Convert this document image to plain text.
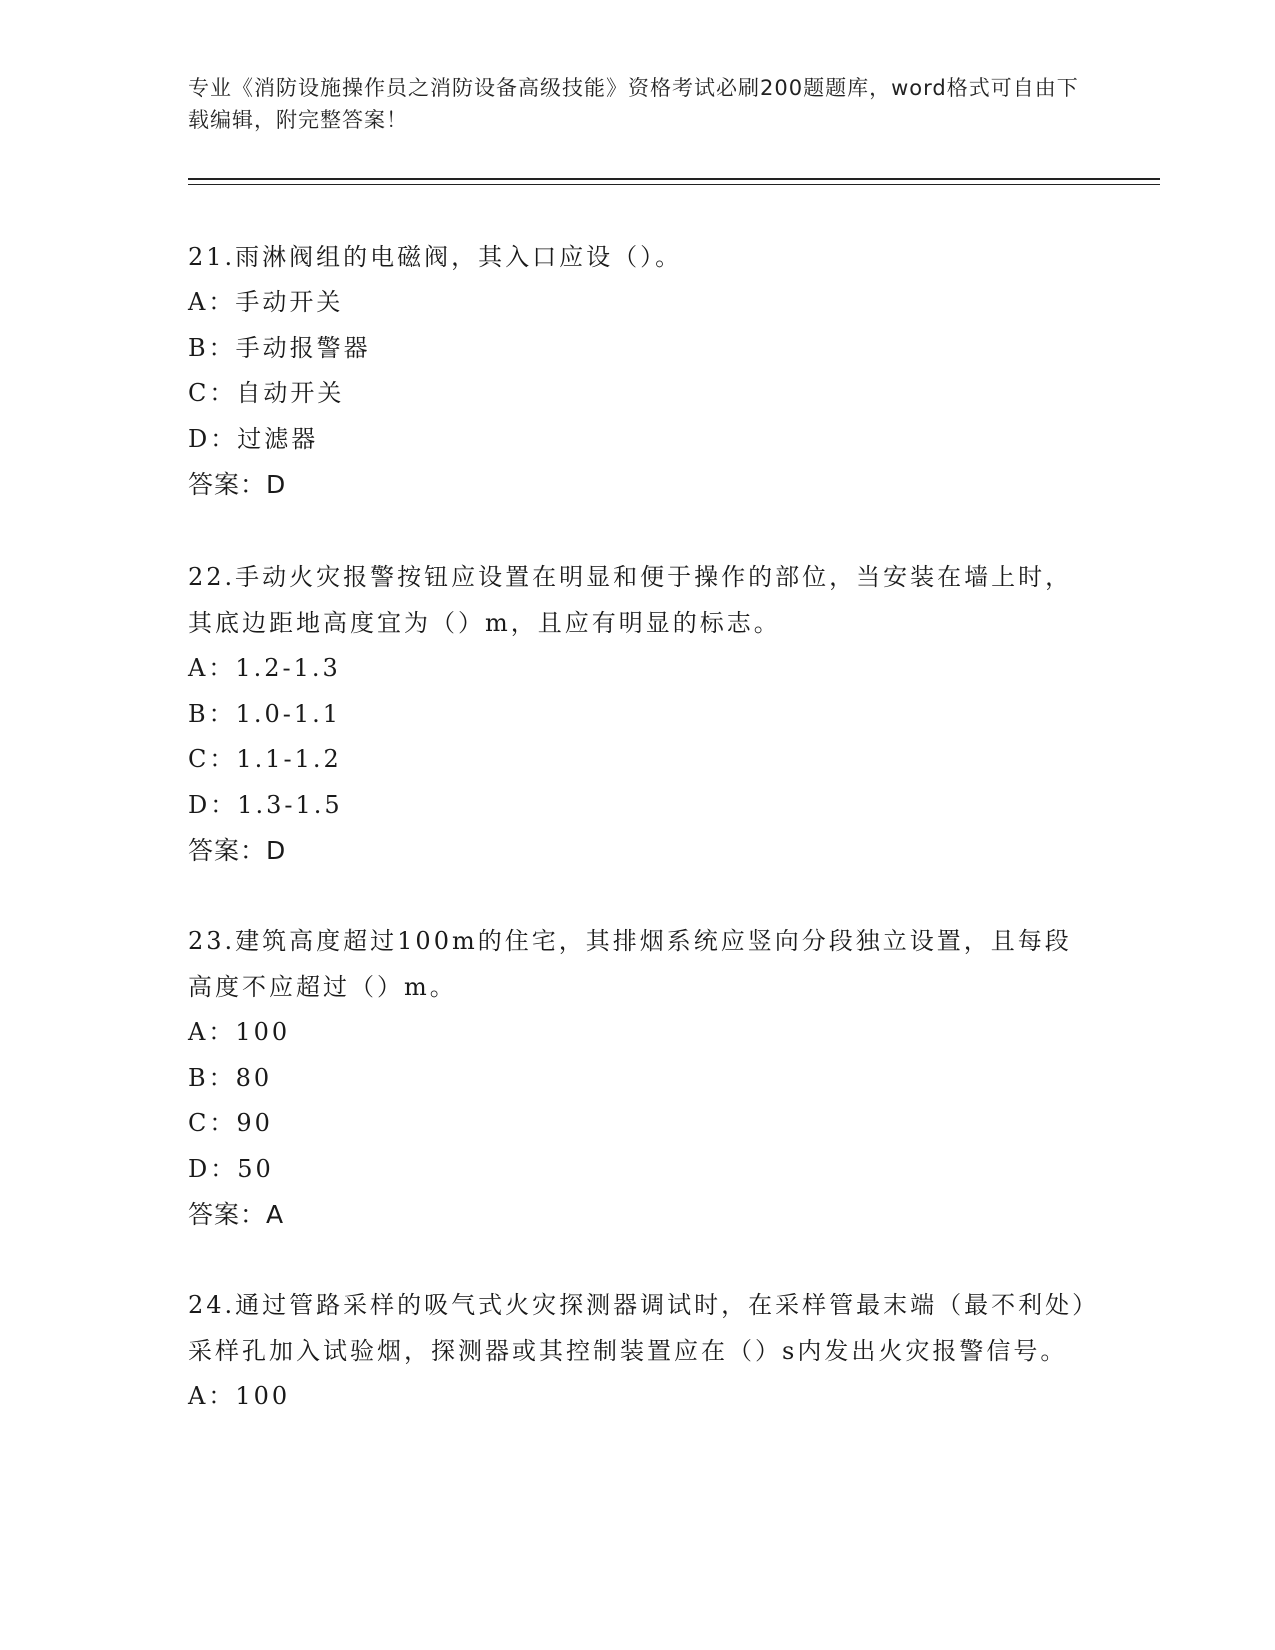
专业《消防设施操作员之消防设备高级技能》资格考试必刷200题题库，word格式可自由下载编辑，附完整答案！

21.雨淋阀组的电磁阀，其入口应设（）。

A：手动开关

B：手动报警器

C：自动开关

D：过滤器

答案：D

22.手动火灾报警按钮应设置在明显和便于操作的部位，当安装在墙上时，其底边距地高度宜为（）m，且应有明显的标志。

A：1.2-1.3

B：1.0-1.1

C：1.1-1.2

D：1.3-1.5

答案：D

23.建筑高度超过100m的住宅，其排烟系统应竖向分段独立设置，且每段高度不应超过（）m。

A：100

B：80

C：90

D：50

答案：A

24.通过管路采样的吸气式火灾探测器调试时，在采样管最末端（最不利处）采样孔加入试验烟，探测器或其控制装置应在（）s内发出火灾报警信号。

A：100
